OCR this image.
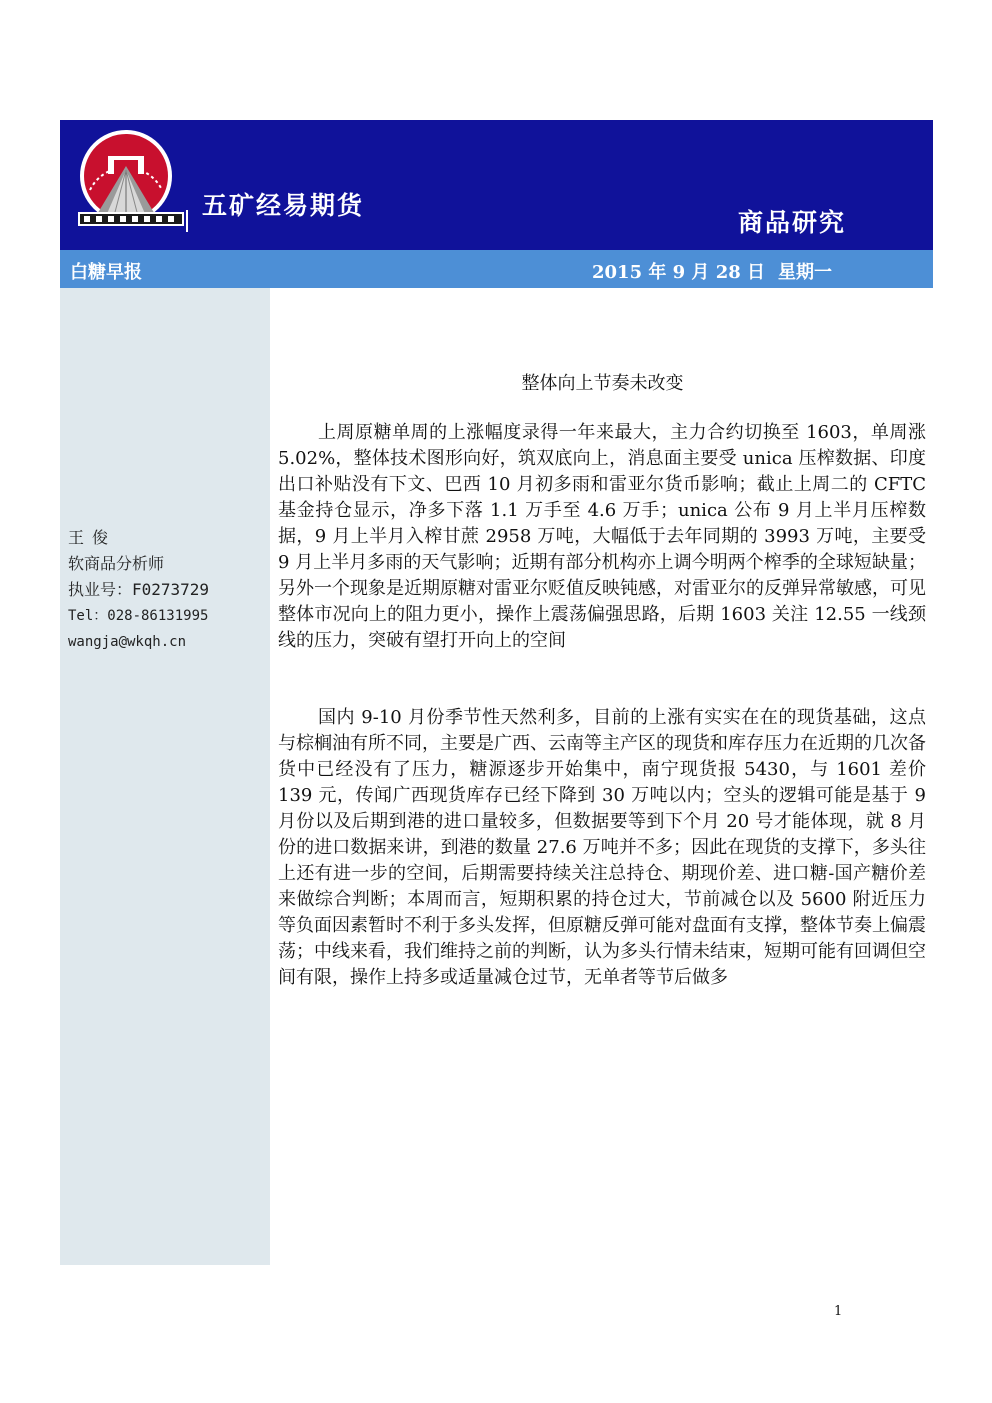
五矿经易期货
商品研究
白糖早报	2015 年 9 月 28 日 星期一
王俊
软商品分析师
执业号：F0273729
Tel：028-86131995
wangja@wkqh.cn
整体向上节奏未改变

上周原糖单周的上涨幅度录得一年来最大，主力合约切换至 1603，单周涨 5.02%，整体技术图形向好，筑双底向上，消息面主要受 unica 压榨数据、印度出口补贴没有下文、巴西 10 月初多雨和雷亚尔货币影响；截止上周二的 CFTC 基金持仓显示，净多下落 1.1 万手至 4.6 万手；unica 公布 9 月上半月压榨数据，9 月上半月入榨甘蔗 2958 万吨，大幅低于去年同期的 3993 万吨，主要受 9 月上半月多雨的天气影响；近期有部分机构亦上调今明两个榨季的全球短缺量；另外一个现象是近期原糖对雷亚尔贬值反映钝感，对雷亚尔的反弹异常敏感，可见整体市况向上的阻力更小，操作上震荡偏强思路，后期 1603 关注 12.55 一线颈线的压力，突破有望打开向上的空间

国内 9-10 月份季节性天然利多，目前的上涨有实实在在的现货基础，这点与棕榈油有所不同，主要是广西、云南等主产区的现货和库存压力在近期的几次备货中已经没有了压力，糖源逐步开始集中，南宁现货报 5430，与 1601 差价 139 元，传闻广西现货库存已经下降到 30 万吨以内；空头的逻辑可能是基于 9 月份以及后期到港的进口量较多，但数据要等到下个月 20 号才能体现，就 8 月份的进口数据来讲，到港的数量 27.6 万吨并不多；因此在现货的支撑下，多头往上还有进一步的空间，后期需要持续关注总持仓、期现价差、进口糖-国产糖价差来做综合判断；本周而言，短期积累的持仓过大，节前减仓以及 5600 附近压力等负面因素暂时不利于多头发挥，但原糖反弹可能对盘面有支撑，整体节奏上偏震荡；中线来看，我们维持之前的判断，认为多头行情未结束，短期可能有回调但空间有限，操作上持多或适量减仓过节，无单者等节后做多

1
